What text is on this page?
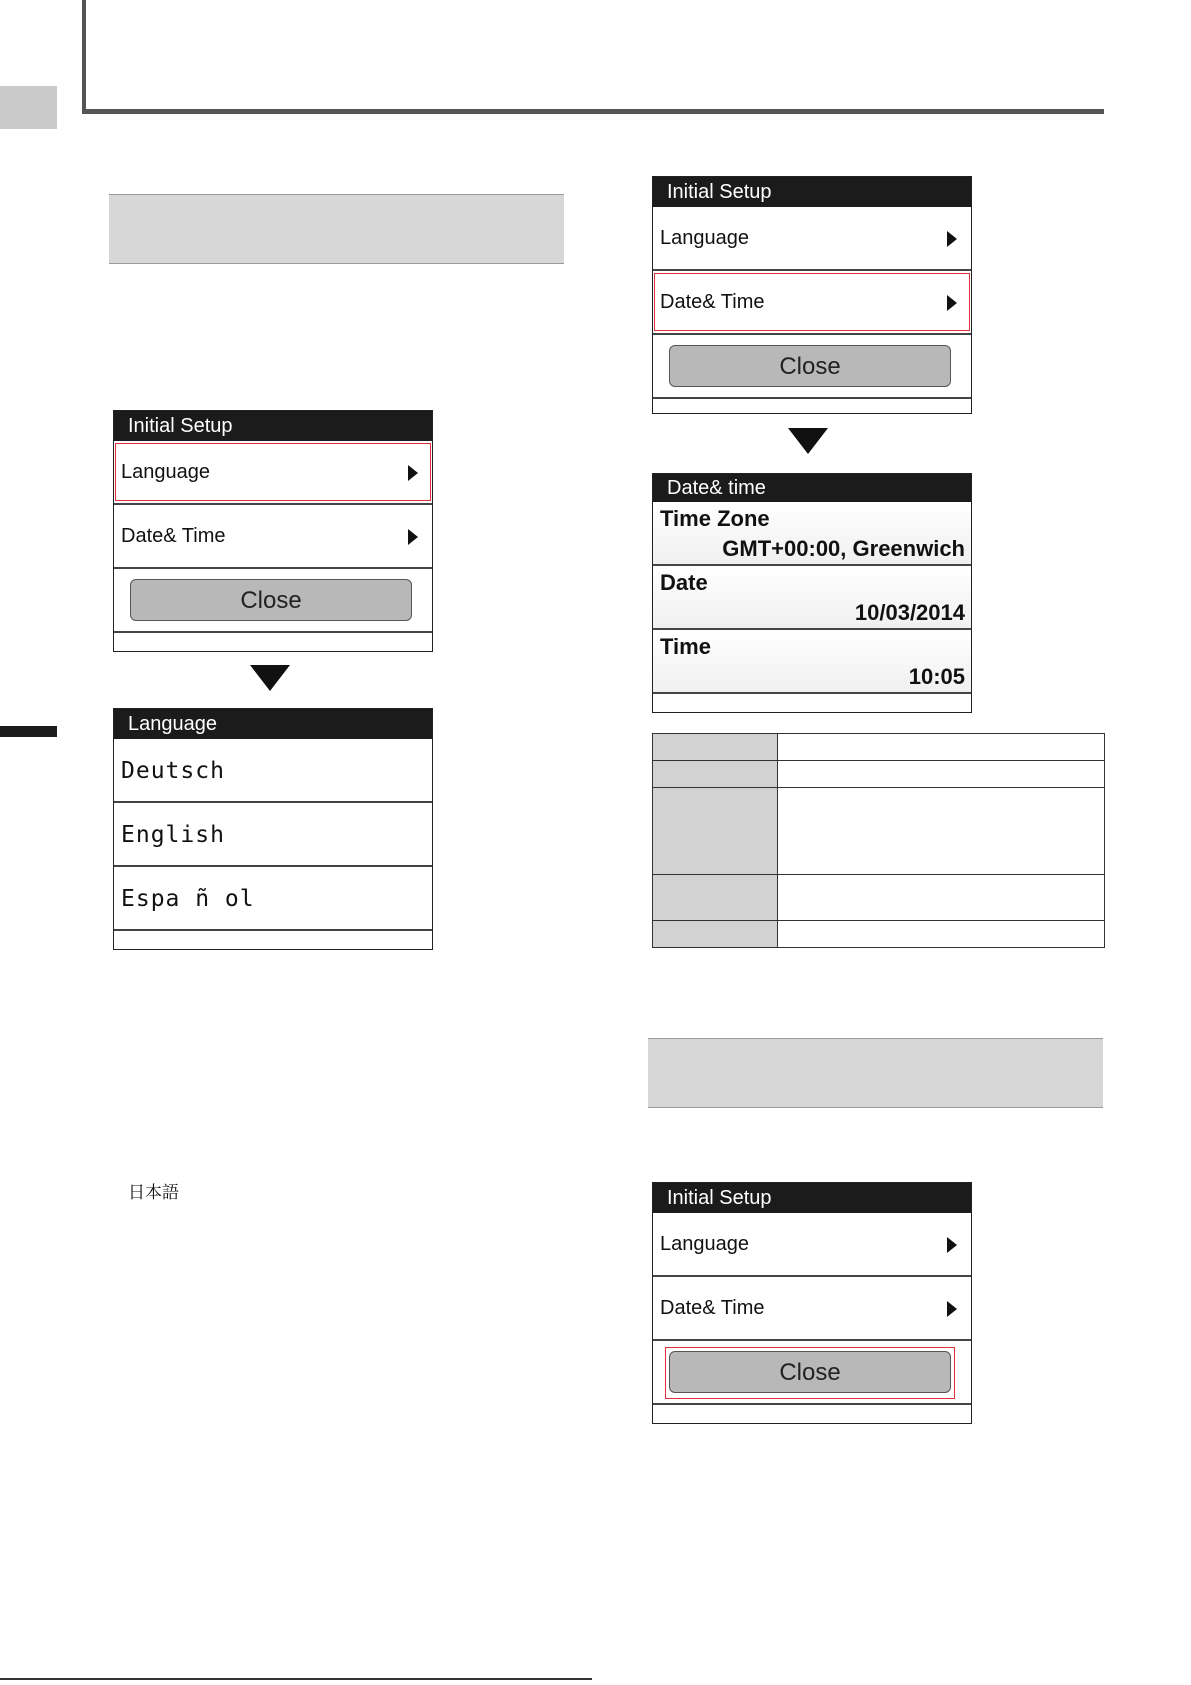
Initial Setup
Language
Date& Time
Close
Language
Deutsch
English
Espa ñ ol
Initial Setup
Language
Date& Time
Close
Date& time
Time Zone
GMT+00:00, Greenwich
Date
10/03/2014
Time
10:05

日本語	Initial Setup
Language
Date& Time
Close
